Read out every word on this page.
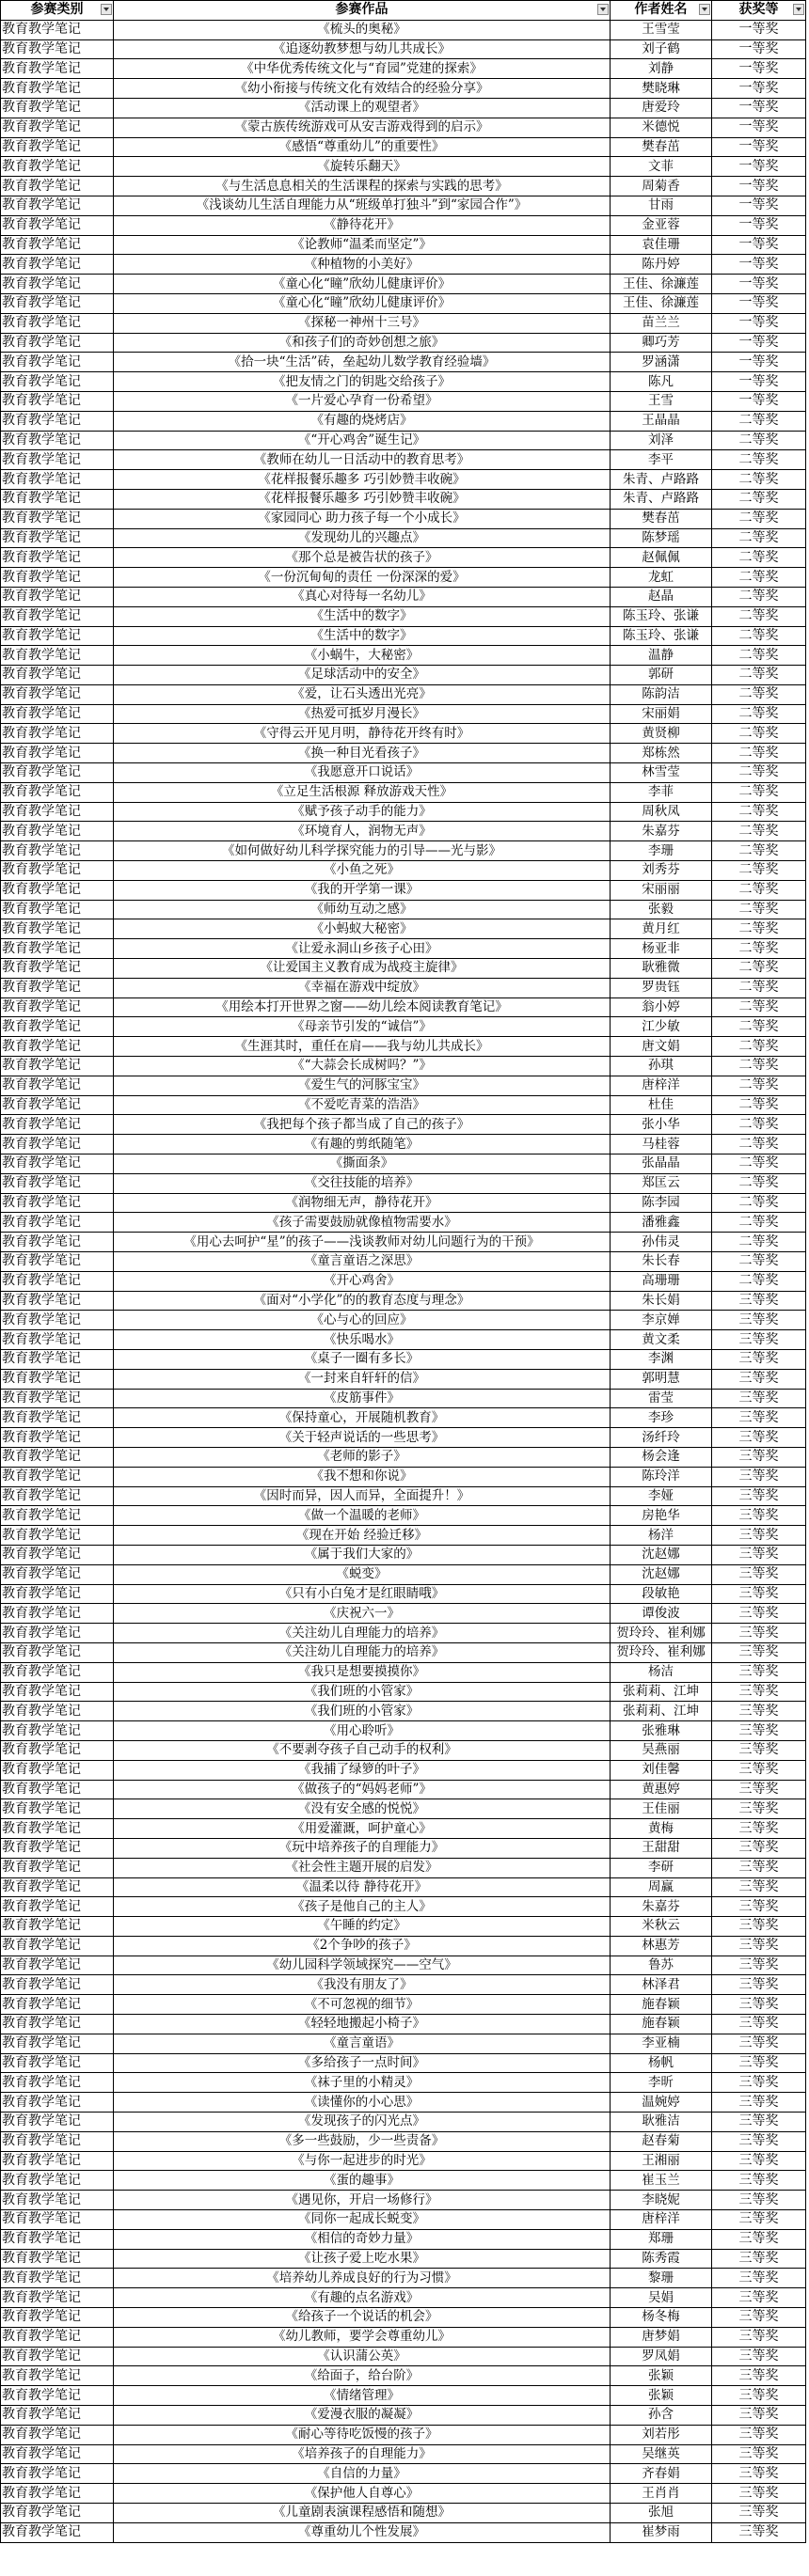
参赛类别	参赛作品	作者姓名	获奖等

教育教学笔记	《梳头的奥秘》	王雪莹	一等奖
教育教学笔记	《追逐幼教梦想与幼儿共成长》	刘子鹤	一等奖
教育教学笔记	《中华优秀传统文化与“育园”党建的探索》	刘静	一等奖
教育教学笔记	《幼小衔接与传统文化有效结合的经验分享》	樊晓琳	一等奖
教育教学笔记	《活动课上的观望者》	唐爱玲	一等奖
教育教学笔记	《蒙古族传统游戏可从安吉游戏得到的启示》	米德悦	一等奖
教育教学笔记	《感悟“尊重幼儿”的重要性》	樊春茁	一等奖
教育教学笔记	《旋转乐翻天》	文菲	一等奖
教育教学笔记	《与生活息息相关的生活课程的探索与实践的思考》	周菊香	一等奖
教育教学笔记	《浅谈幼儿生活自理能力从“班级单打独斗”到“家园合作”》	甘雨	一等奖
教育教学笔记	《静待花开》	金亚蓉	一等奖
教育教学笔记	《论教师“温柔而坚定”》	袁佳珊	一等奖
教育教学笔记	《种植物的小美好》	陈丹婷	一等奖
教育教学笔记	《童心化“瞳”欣幼儿健康评价》	王佳、徐濂莲	一等奖
教育教学笔记	《童心化“瞳”欣幼儿健康评价》	王佳、徐濂莲	一等奖
教育教学笔记	《探秘一神州十三号》	苗兰兰	一等奖
教育教学笔记	《和孩子们的奇妙创想之旅》	卿巧芳	一等奖
教育教学笔记	《拾一块“生活”砖，垒起幼儿数学教育经验墙》	罗涵潇	一等奖
教育教学笔记	《把友情之门的钥匙交给孩子》	陈凡	一等奖
教育教学笔记	《一片爱心孕育一份希望》	王雪	一等奖
教育教学笔记	《有趣的烧烤店》	王晶晶	二等奖
教育教学笔记	《“开心鸡舍”诞生记》	刘泽	二等奖
教育教学笔记	《教师在幼儿一日活动中的教育思考》	李平	二等奖
教育教学笔记	《花样报餐乐趣多 巧引妙赞丰收碗》	朱青、卢路路	二等奖
教育教学笔记	《花样报餐乐趣多 巧引妙赞丰收碗》	朱青、卢路路	二等奖
教育教学笔记	《家园同心 助力孩子每一个小成长》	樊春茁	二等奖
教育教学笔记	《发现幼儿的兴趣点》	陈梦瑶	二等奖
教育教学笔记	《那个总是被告状的孩子》	赵佩佩	二等奖
教育教学笔记	《一份沉甸甸的责任 一份深深的爱》	龙虹	二等奖
教育教学笔记	《真心对待每一名幼儿》	赵晶	二等奖
教育教学笔记	《生活中的数字》	陈玉玲、张谦	二等奖
教育教学笔记	《生活中的数字》	陈玉玲、张谦	二等奖
教育教学笔记	《小蜗牛，大秘密》	温静	二等奖
教育教学笔记	《足球活动中的安全》	郭研	二等奖
教育教学笔记	《爱，让石头透出光亮》	陈韵洁	二等奖
教育教学笔记	《热爱可抵岁月漫长》	宋丽娟	二等奖
教育教学笔记	《守得云开见月明，静待花开终有时》	黄贤柳	二等奖
教育教学笔记	《换一种目光看孩子》	郑栋然	二等奖
教育教学笔记	《我愿意开口说话》	林雪莹	二等奖
教育教学笔记	《立足生活根源 释放游戏天性》	李菲	二等奖
教育教学笔记	《赋予孩子动手的能力》	周秋凤	二等奖
教育教学笔记	《环境育人，润物无声》	朱嘉芬	二等奖
教育教学笔记	《如何做好幼儿科学探究能力的引导——光与影》	李珊	二等奖
教育教学笔记	《小鱼之死》	刘秀芬	二等奖
教育教学笔记	《我的开学第一课》	宋丽丽	二等奖
教育教学笔记	《师幼互动之感》	张毅	二等奖
教育教学笔记	《小蚂蚁大秘密》	黄月红	二等奖
教育教学笔记	《让爱永洞山乡孩子心田》	杨亚非	二等奖
教育教学笔记	《让爱国主义教育成为战疫主旋律》	耿雅微	二等奖
教育教学笔记	《幸福在游戏中绽放》	罗贵钰	二等奖
教育教学笔记	《用绘本打开世界之窗——幼儿绘本阅读教育笔记》	翁小婷	二等奖
教育教学笔记	《母亲节引发的“诚信”》	江少敏	二等奖
教育教学笔记	《生涯其时，重任在肩——我与幼儿共成长》	唐文娟	二等奖
教育教学笔记	《“大蒜会长成树吗？”》	孙琪	二等奖
教育教学笔记	《爱生气的河豚宝宝》	唐梓洋	二等奖
教育教学笔记	《不爱吃青菜的浩浩》	杜佳	二等奖
教育教学笔记	《我把每个孩子都当成了自己的孩子》	张小华	二等奖
教育教学笔记	《有趣的剪纸随笔》	马桂蓉	二等奖
教育教学笔记	《撕面条》	张晶晶	二等奖
教育教学笔记	《交往技能的培养》	郑匡云	二等奖
教育教学笔记	《润物细无声，静待花开》	陈李园	二等奖
教育教学笔记	《孩子需要鼓励就像植物需要水》	潘雅鑫	二等奖
教育教学笔记	《用心去呵护“星”的孩子——浅谈教师对幼儿问题行为的干预》	孙伟灵	二等奖
教育教学笔记	《童言童语之深思》	朱长春	二等奖
教育教学笔记	《开心鸡舍》	高珊珊	二等奖
教育教学笔记	《面对“小学化”的的教育态度与理念》	朱长娟	三等奖
教育教学笔记	《心与心的回应》	李京婵	三等奖
教育教学笔记	《快乐喝水》	黄文柔	三等奖
教育教学笔记	《桌子一圈有多长》	李渊	三等奖
教育教学笔记	《一封来自轩轩的信》	郭明慧	三等奖
教育教学笔记	《皮筋事件》	雷莹	三等奖
教育教学笔记	《保持童心，开展随机教育》	李珍	三等奖
教育教学笔记	《关于轻声说话的一些思考》	汤纤玲	三等奖
教育教学笔记	《老师的影子》	杨会逢	三等奖
教育教学笔记	《我不想和你说》	陈玲洋	三等奖
教育教学笔记	《因时而异，因人而异，全面提升！》	李娅	三等奖
教育教学笔记	《做一个温暖的老师》	房艳华	三等奖
教育教学笔记	《现在开始 经验迁移》	杨洋	三等奖
教育教学笔记	《属于我们大家的》	沈赵娜	三等奖
教育教学笔记	《蜕变》	沈赵娜	三等奖
教育教学笔记	《只有小白兔才是红眼睛哦》	段敏艳	三等奖
教育教学笔记	《庆祝六一》	谭俊波	三等奖
教育教学笔记	《关注幼儿自理能力的培养》	贺玲玲、崔利娜	三等奖
教育教学笔记	《关注幼儿自理能力的培养》	贺玲玲、崔利娜	三等奖
教育教学笔记	《我只是想要摸摸你》	杨洁	三等奖
教育教学笔记	《我们班的小管家》	张莉莉、江坤	三等奖
教育教学笔记	《我们班的小管家》	张莉莉、江坤	三等奖
教育教学笔记	《用心聆听》	张雅琳	三等奖
教育教学笔记	《不要剥夺孩子自己动手的权利》	吴燕丽	三等奖
教育教学笔记	《我捕了绿箩的叶子》	刘佳馨	三等奖
教育教学笔记	《做孩子的“妈妈老师”》	黄惠婷	三等奖
教育教学笔记	《没有安全感的悦悦》	王佳丽	三等奖
教育教学笔记	《用爱灌溉，呵护童心》	黄梅	三等奖
教育教学笔记	《玩中培养孩子的自理能力》	王甜甜	三等奖
教育教学笔记	《社会性主题开展的启发》	李研	三等奖
教育教学笔记	《温柔以待 静待花开》	周赢	三等奖
教育教学笔记	《孩子是他自己的主人》	朱嘉芬	三等奖
教育教学笔记	《午睡的约定》	米秋云	三等奖
教育教学笔记	《2个争吵的孩子》	林惠芳	三等奖
教育教学笔记	《幼儿园科学领域探究——空气》	鲁苏	三等奖
教育教学笔记	《我没有朋友了》	林泽君	三等奖
教育教学笔记	《不可忽视的细节》	施春颖	三等奖
教育教学笔记	《轻轻地搬起小椅子》	施春颖	三等奖
教育教学笔记	《童言童语》	李亚楠	三等奖
教育教学笔记	《多给孩子一点时间》	杨帆	三等奖
教育教学笔记	《袜子里的小精灵》	李昕	三等奖
教育教学笔记	《读懂你的小心思》	温婉婷	三等奖
教育教学笔记	《发现孩子的闪光点》	耿雅洁	三等奖
教育教学笔记	《多一些鼓励，少一些责备》	赵春菊	三等奖
教育教学笔记	《与你一起进步的时光》	王湘丽	三等奖
教育教学笔记	《蛋的趣事》	崔玉兰	三等奖
教育教学笔记	《遇见你，开启一场修行》	李晓妮	三等奖
教育教学笔记	《同你一起成长蜕变》	唐梓洋	三等奖
教育教学笔记	《相信的奇妙力量》	郑珊	三等奖
教育教学笔记	《让孩子爱上吃水果》	陈秀霞	三等奖
教育教学笔记	《培养幼儿养成良好的行为习惯》	黎珊	三等奖
教育教学笔记	《有趣的点名游戏》	吴娟	三等奖
教育教学笔记	《给孩子一个说话的机会》	杨冬梅	三等奖
教育教学笔记	《幼儿教师，要学会尊重幼儿》	唐梦娟	三等奖
教育教学笔记	《认识蒲公英》	罗凤娟	三等奖
教育教学笔记	《给面子，给台阶》	张颖	三等奖
教育教学笔记	《情绪管理》	张颖	三等奖
教育教学笔记	《爱漫衣服的凝凝》	孙含	三等奖
教育教学笔记	《耐心等待吃饭慢的孩子》	刘若彤	三等奖
教育教学笔记	《培养孩子的自理能力》	吴继英	三等奖
教育教学笔记	《自信的力量》	齐春娟	三等奖
教育教学笔记	《保护他人自尊心》	王肖肖	三等奖
教育教学笔记	《儿童剧表演课程感悟和随想》	张旭	三等奖
教育教学笔记	《尊重幼儿个性发展》	崔梦雨	三等奖
